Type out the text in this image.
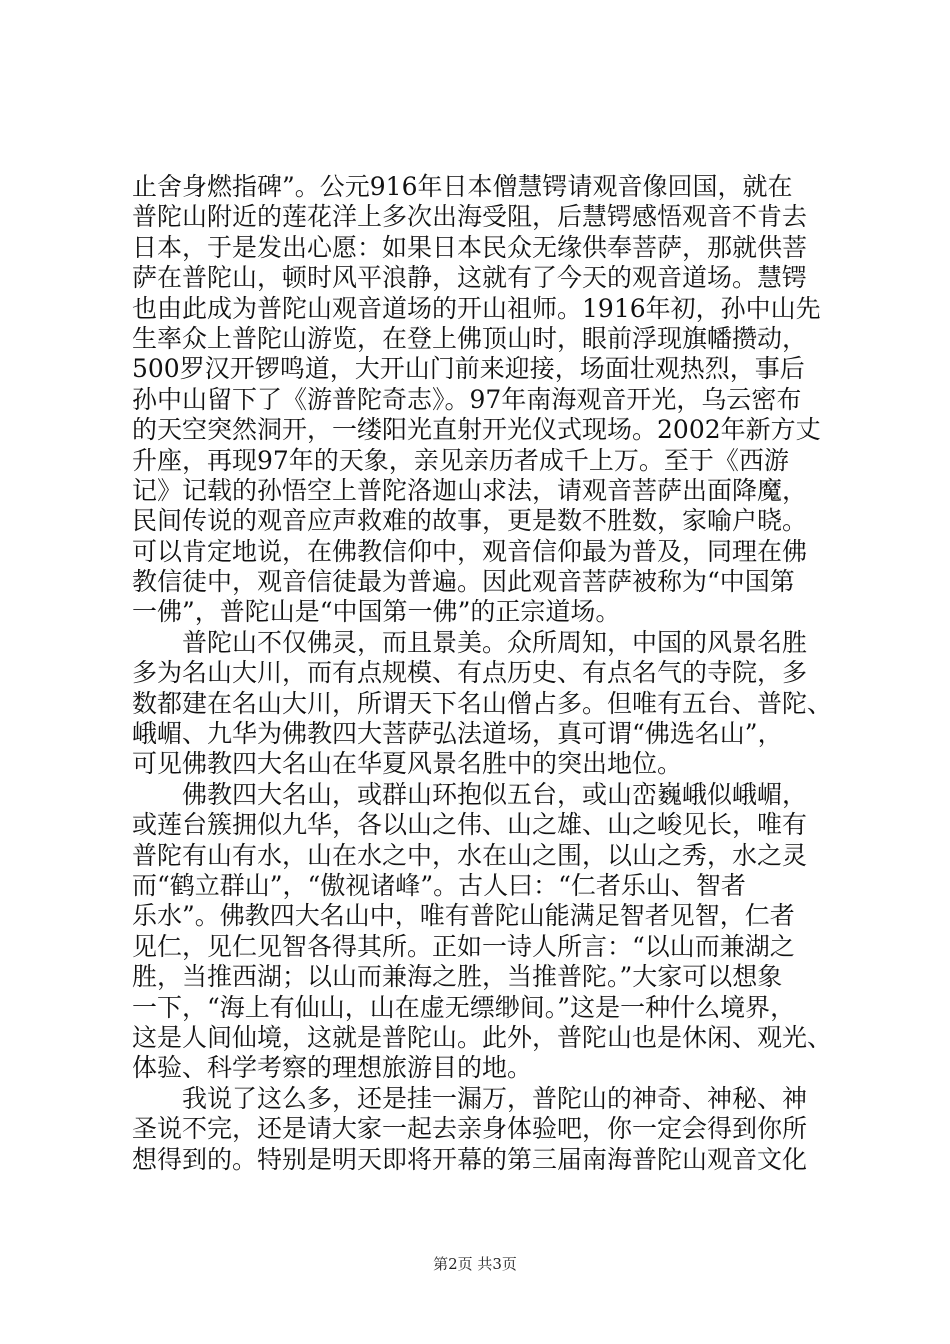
止舍身燃指碑”。公元916年日本僧慧锷请观音像回国，就在
普陀山附近的莲花洋上多次出海受阻，后慧锷感悟观音不肯去
日本，于是发出心愿：如果日本民众无缘供奉菩萨，那就供菩
萨在普陀山，顿时风平浪静，这就有了今天的观音道场。慧锷
也由此成为普陀山观音道场的开山祖师。1916年初，孙中山先
生率众上普陀山游览，在登上佛顶山时，眼前浮现旗幡攒动，
500罗汉开锣鸣道，大开山门前来迎接，场面壮观热烈，事后
孙中山留下了《游普陀奇志》。97年南海观音开光，乌云密布
的天空突然洞开，一缕阳光直射开光仪式现场。2002年新方丈
升座，再现97年的天象，亲见亲历者成千上万。至于《西游
记》记载的孙悟空上普陀洛迦山求法，请观音菩萨出面降魔，
民间传说的观音应声救难的故事，更是数不胜数，家喻户晓。
可以肯定地说，在佛教信仰中，观音信仰最为普及，同理在佛
教信徒中，观音信徒最为普遍。因此观音菩萨被称为“中国第
一佛”，普陀山是“中国第一佛”的正宗道场。
　　普陀山不仅佛灵，而且景美。众所周知，中国的风景名胜
多为名山大川，而有点规模、有点历史、有点名气的寺院，多
数都建在名山大川，所谓天下名山僧占多。但唯有五台、普陀、
峨嵋、九华为佛教四大菩萨弘法道场，真可谓“佛选名山”，
可见佛教四大名山在华夏风景名胜中的突出地位。
　　佛教四大名山，或群山环抱似五台，或山峦巍峨似峨嵋，
或莲台簇拥似九华，各以山之伟、山之雄、山之峻见长，唯有
普陀有山有水，山在水之中，水在山之围，以山之秀，水之灵
而“鹤立群山”，“傲视诸峰”。古人曰：“仁者乐山、智者
乐水”。佛教四大名山中，唯有普陀山能满足智者见智，仁者
见仁，见仁见智各得其所。正如一诗人所言：“以山而兼湖之
胜，当推西湖；以山而兼海之胜，当推普陀。”大家可以想象
一下，“海上有仙山，山在虚无缥缈间。”这是一种什么境界，
这是人间仙境，这就是普陀山。此外，普陀山也是休闲、观光、
体验、科学考察的理想旅游目的地。
　　我说了这么多，还是挂一漏万，普陀山的神奇、神秘、神
圣说不完，还是请大家一起去亲身体验吧，你一定会得到你所
想得到的。特别是明天即将开幕的第三届南海普陀山观音文化
第2页 共3页
